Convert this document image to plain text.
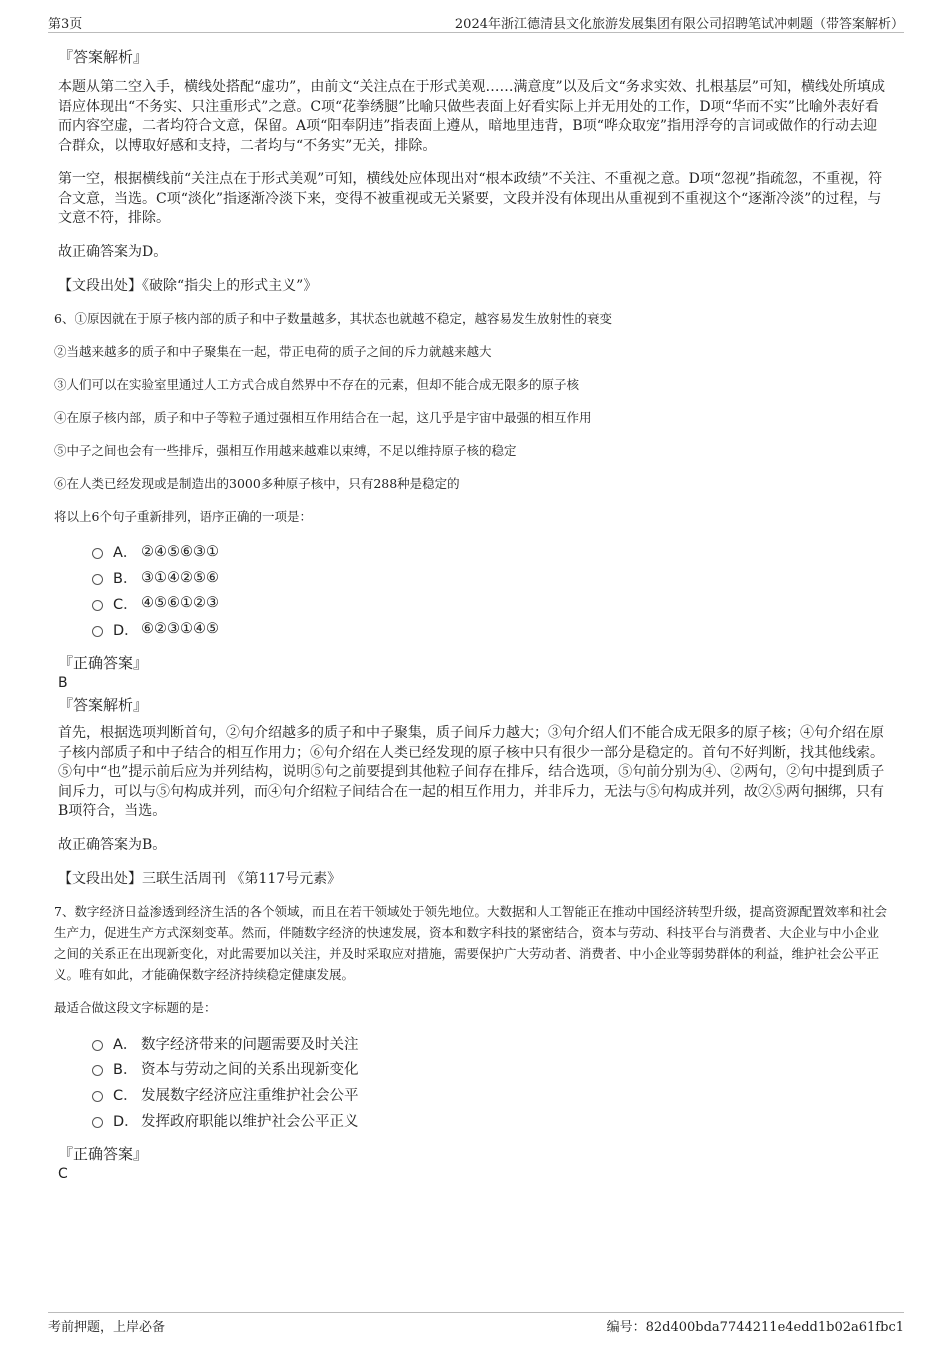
第3页	2024年浙江德清县文化旅游发展集团有限公司招聘笔试冲刺题（带答案解析）

『答案解析』

本题从第二空入手，横线处搭配“虚功”，由前文“关注点在于形式美观……满意度”以及后文“务求实效、扎根基层”可知，横线处所填成语应体现出“不务实、只注重形式”之意。C项“花拳绣腿”比喻只做些表面上好看实际上并无用处的工作，D项“华而不实”比喻外表好看而内容空虚，二者均符合文意，保留。A项“阳奉阴违”指表面上遵从，暗地里违背，B项“哗众取宠”指用浮夸的言词或做作的行动去迎合群众，以博取好感和支持，二者均与“不务实”无关，排除。

第一空，根据横线前“关注点在于形式美观”可知，横线处应体现出对“根本政绩”不关注、不重视之意。D项“忽视”指疏忽，不重视，符合文意，当选。C项“淡化”指逐渐冷淡下来，变得不被重视或无关紧要，文段并没有体现出从重视到不重视这个“逐渐冷淡”的过程，与文意不符，排除。

故正确答案为D。

【文段出处】《破除“指尖上的形式主义”》

6、①原因就在于原子核内部的质子和中子数量越多，其状态也就越不稳定，越容易发生放射性的衰变

②当越来越多的质子和中子聚集在一起，带正电荷的质子之间的斥力就越来越大

③人们可以在实验室里通过人工方式合成自然界中不存在的元素，但却不能合成无限多的原子核

④在原子核内部，质子和中子等粒子通过强相互作用结合在一起，这几乎是宇宙中最强的相互作用

⑤中子之间也会有一些排斥，强相互作用越来越难以束缚，不足以维持原子核的稳定

⑥在人类已经发现或是制造出的3000多种原子核中，只有288种是稳定的

将以上6个句子重新排列，语序正确的一项是：

A． ②④⑤⑥③①
B． ③①④②⑤⑥
C． ④⑤⑥①②③
D． ⑥②③①④⑤

『正确答案』

B

『答案解析』

首先，根据选项判断首句，②句介绍越多的质子和中子聚集，质子间斥力越大；③句介绍人们不能合成无限多的原子核；④句介绍在原子核内部质子和中子结合的相互作用力；⑥句介绍在人类已经发现的原子核中只有很少一部分是稳定的。首句不好判断，找其他线索。⑤句中“也”提示前后应为并列结构，说明⑤句之前要提到其他粒子间存在排斥，结合选项，⑤句前分别为④、②两句，②句中提到质子间斥力，可以与⑤句构成并列，而④句介绍粒子间结合在一起的相互作用力，并非斥力，无法与⑤句构成并列，故②⑤两句捆绑，只有B项符合，当选。

故正确答案为B。

【文段出处】三联生活周刊 《第117号元素》

7、数字经济日益渗透到经济生活的各个领域，而且在若干领域处于领先地位。大数据和人工智能正在推动中国经济转型升级，提高资源配置效率和社会生产力，促进生产方式深刻变革。然而，伴随数字经济的快速发展，资本和数字科技的紧密结合，资本与劳动、科技平台与消费者、大企业与中小企业之间的关系正在出现新变化，对此需要加以关注，并及时采取应对措施，需要保护广大劳动者、消费者、中小企业等弱势群体的利益，维护社会公平正义。唯有如此，才能确保数字经济持续稳定健康发展。

最适合做这段文字标题的是：

A． 数字经济带来的问题需要及时关注
B． 资本与劳动之间的关系出现新变化
C． 发展数字经济应注重维护社会公平
D． 发挥政府职能以维护社会公平正义

『正确答案』

C

考前押题，上岸必备	编号：82d400bda7744211e4edd1b02a61fbc1
